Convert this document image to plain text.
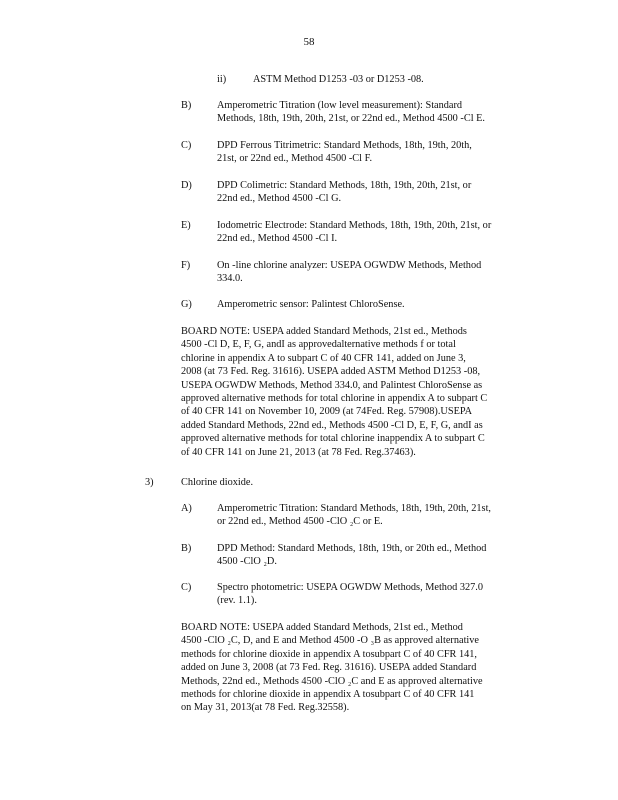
58
ii)	ASTM Method D1253 -03 or D1253 -08.
B) Amperometric Titration (low level measurement): Standard
Methods, 18th, 19th, 20th, 21st, or 22nd ed., Method 4500 -Cl E.
C) DPD Ferrous Titrimetric: Standard Methods, 18th, 19th, 20th,
21st, or 22nd ed., Method 4500 -Cl F.
D) DPD Colimetric: Standard Methods, 18th, 19th, 20th, 21st, or
22nd ed., Method 4500 -Cl G.
E)	Iodometric Electrode: Standard Methods, 18th, 19th, 20th, 21st, or
22nd ed., Method 4500 -Cl I.
F)	On -line chlorine analyzer: USEPA OGWDW Methods, Method
334.0.
G) Amperometric sensor: Palintest ChloroSense.
BOARD NOTE: USEPA added Standard Methods, 21st ed., Methods
4500 -Cl D, E, F, G, andI as approvedalternative methods f or total
chlorine in appendix A to subpart C of 40 CFR 141, added on June 3,
2008 (at 73 Fed. Reg. 31616). USEPA added ASTM Method D1253 -08,
USEPA OGWDW Methods, Method 334.0, and Palintest ChloroSense as
approved alternative methods for total chlorine in appendix A to subpart C
of 40 CFR 141 on November 10, 2009 (at 74Fed. Reg. 57908).USEPA
added Standard Methods, 22nd ed., Methods 4500 -Cl D, E, F, G, andI as
approved alternative methods for total chlorine inappendix A to subpart C
of 40 CFR 141 on June 21, 2013 (at 78 Fed. Reg.37463).
3)	Chlorine dioxide.
A) Amperometric Titration: Standard Methods, 18th, 19th, 20th, 21st,
or 22nd ed., Method 4500 -ClO ₂C or E.
B) DPD Method: Standard Methods, 18th, 19th, or 20th ed., Method
4500 -ClO ₂D.
C) Spectro photometric: USEPA OGWDW Methods, Method 327.0
(rev. 1.1).
BOARD NOTE: USEPA added Standard Methods, 21st ed., Method
4500 -ClO ₂C, D, and E and Method 4500 -O ₃B as approved alternative
methods for chlorine dioxide in appendix A tosubpart C of 40 CFR 141,
added on June 3, 2008 (at 73 Fed. Reg. 31616). USEPA added Standard
Methods, 22nd ed., Methods 4500 -ClO ₂C and E as approved alternative
methods for chlorine dioxide in appendix A tosubpart C of 40 CFR 141
on May 31, 2013(at 78 Fed. Reg.32558).
